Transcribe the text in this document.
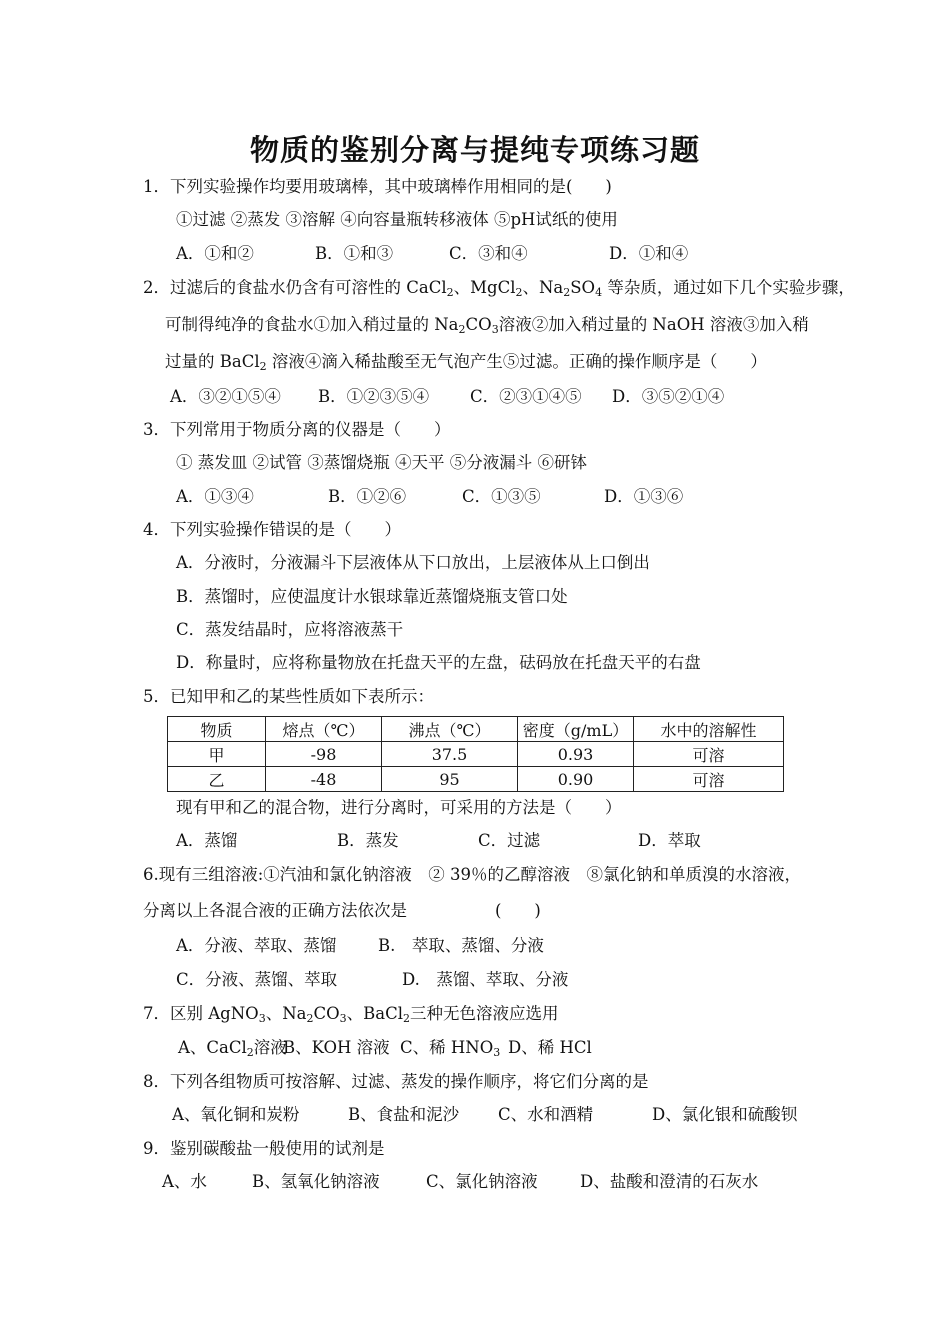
物质的鉴别分离与提纯专项练习题
1．下列实验操作均要用玻璃棒，其中玻璃棒作用相同的是(　　)
①过滤 ②蒸发 ③溶解 ④向容量瓶转移液体 ⑤pH试纸的使用
A．①和②	B．①和③	C．③和④	D．①和④
2．过滤后的食盐水仍含有可溶性的 CaCl$_2$、MgCl$_2$、$Na_2SO_4$ 等杂质，通过如下几个实验步骤，
可制得纯净的食盐水①加入稍过量的 $Na_2CO_3$溶液②加入稍过量的 NaOH 溶液③加入稍
过量的 BaCl$_2$ 溶液④滴入稀盐酸至无气泡产生⑤过滤。正确的操作顺序是（　　）
A．③②①⑤④ B．①②③⑤④ C．②③①④⑤ D．③⑤②①④
3．下列常用于物质分离的仪器是（　　）
① 蒸发皿 ②试管 ③蒸馏烧瓶 ④天平 ⑤分液漏斗 ⑥研钵
A．①③④	B．①②⑥	C．①③⑤	D．①③⑥
4．下列实验操作错误的是（　　）
A．分液时，分液漏斗下层液体从下口放出，上层液体从上口倒出
B．蒸馏时，应使温度计水银球靠近蒸馏烧瓶支管口处
C．蒸发结晶时，应将溶液蒸干
D．称量时，应将称量物放在托盘天平的左盘，砝码放在托盘天平的右盘
5．已知甲和乙的某些性质如下表所示：
物质	熔点（℃）	沸点（℃）	密度（g/mL）	水中的溶解性
甲	-98	37.5	0.93	可溶
乙	-48	95	0.90	可溶
现有甲和乙的混合物，进行分离时，可采用的方法是（　　）
A．蒸馏	B．蒸发	C．过滤	D．萃取
6.现有三组溶液:①汽油和氯化钠溶液　② 39％的乙醇溶液　⑧氯化钠和单质溴的水溶液，
分离以上各混合液的正确方法依次是	(　　)
A．分液、萃取、蒸馏	B.　萃取、蒸馏、分液
C．分液、蒸馏、萃取	D.　蒸馏、萃取、分液
7．区别 AgNO$_3$、$Na_2CO_3$、BaCl$_2$三种无色溶液应选用
A、CaCl$_2$溶液
B、KOH 溶液 C、稀 $HNO_3$ D、稀 HCl
8．下列各组物质可按溶解、过滤、蒸发的操作顺序，将它们分离的是
A、氧化铜和炭粉	B、食盐和泥沙 C、水和酒精	D、氯化银和硫酸钡
9．鉴别碳酸盐一般使用的试剂是
A、水	B、氢氧化钠溶液	C、氯化钠溶液	D、盐酸和澄清的石灰水
